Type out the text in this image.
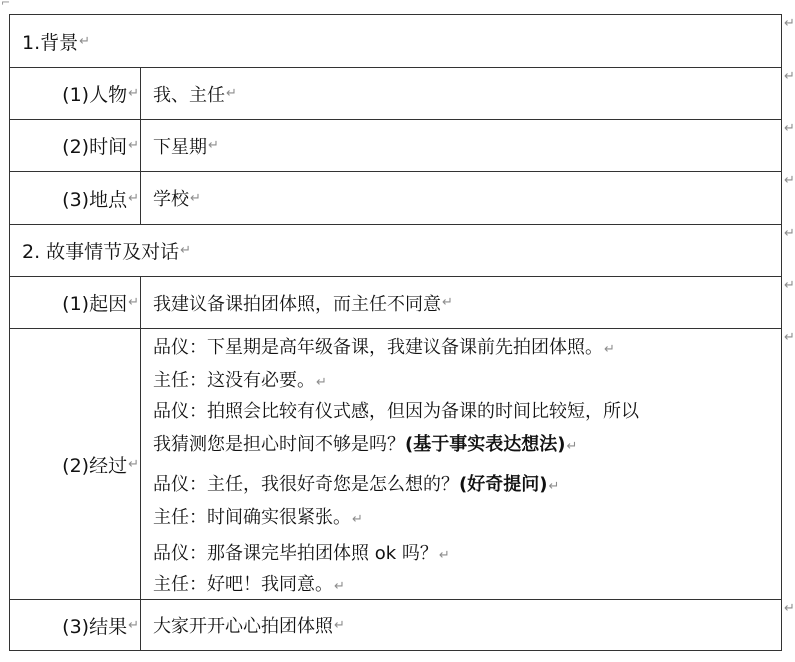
⌐
1.背景 ↵
(1)人物 ↵ 我、主任 ↵
(2)时间 ↵ 下星期 ↵
(3)地点 ↵ 学校 ↵
2. 故事情节及对话 ↵
(1)起因 ↵ 我建议备课拍团体照，而主任不同意 ↵
(2)经过 ↵
品仪：下星期是高年级备课，我建议备课前先拍团体照。↵
主任：这没有必要。↵
品仪：拍照会比较有仪式感，但因为备课的时间比较短，所以
我猜测您是担心时间不够是吗？(基于事实表达想法)↵
品仪：主任，我很好奇您是怎么想的？(好奇提问)↵
主任：时间确实很紧张。↵
品仪：那备课完毕拍团体照 ok 吗？↵
主任：好吧！我同意。↵
(3)结果 ↵ 大家开开心心拍团体照 ↵
↵
↵
↵
↵
↵
↵
↵
↵
